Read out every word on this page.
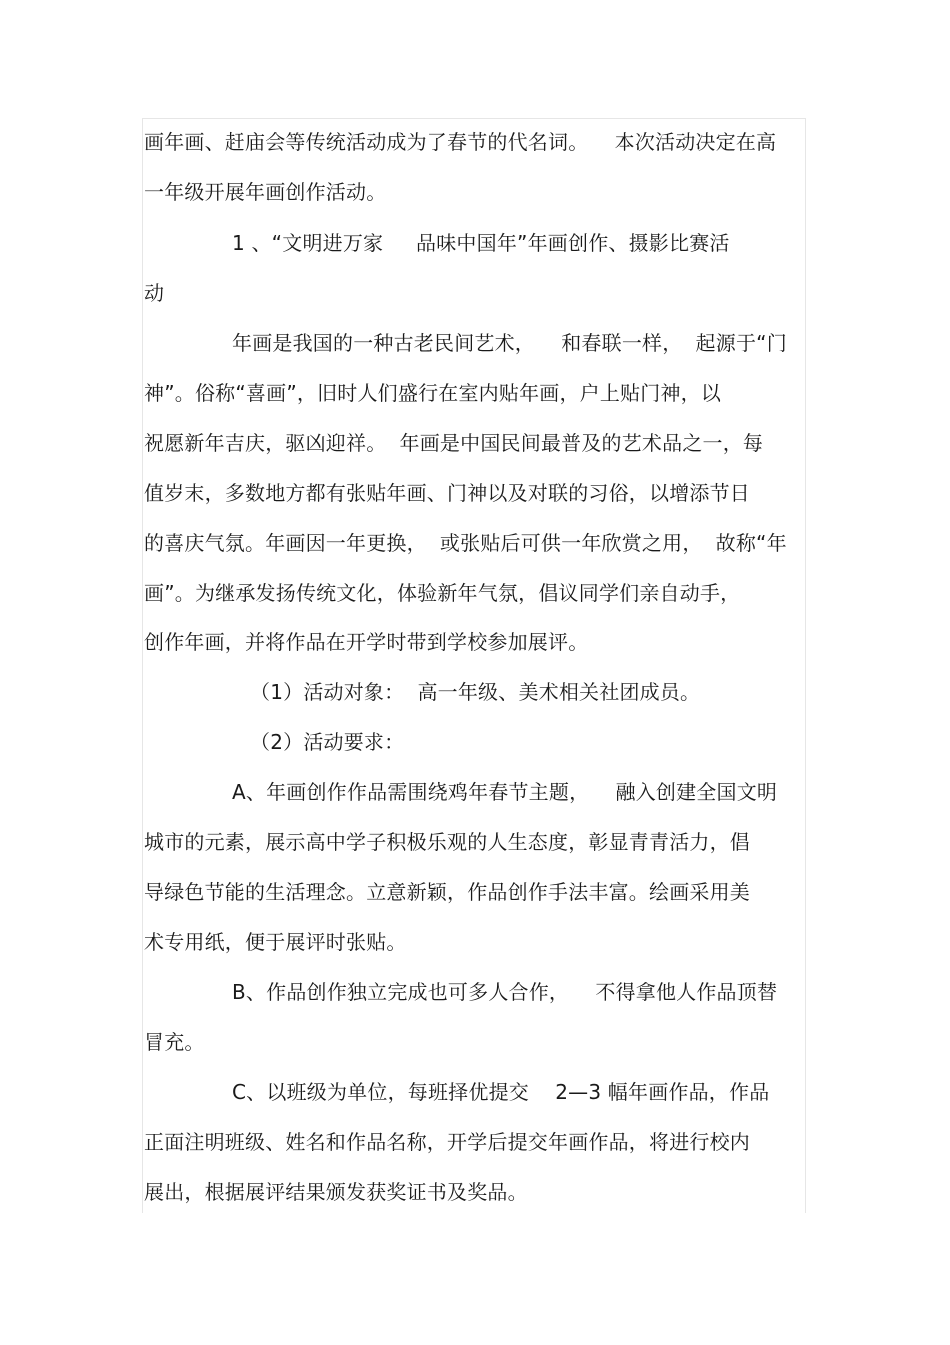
画年画、赶庙会等传统活动成为了春节的代名词。    本次活动决定在高
一年级开展年画创作活动。
1 、“文明进万家     品味中国年”年画创作、摄影比赛活
动
年画是我国的一种古老民间艺术，    和春联一样，  起源于“门
神”。俗称“喜画”，旧时人们盛行在室内贴年画，户上贴门神，以
祝愿新年吉庆，驱凶迎祥。  年画是中国民间最普及的艺术品之一，每
值岁末，多数地方都有张贴年画、门神以及对联的习俗，以增添节日
的喜庆气氛。年画因一年更换，  或张贴后可供一年欣赏之用，  故称“年
画”。为继承发扬传统文化，体验新年气氛，倡议同学们亲自动手，
创作年画，并将作品在开学时带到学校参加展评。
（1）活动对象：  高一年级、美术相关社团成员。
（2）活动要求：
A、年画创作作品需围绕鸡年春节主题，    融入创建全国文明
城市的元素，展示高中学子积极乐观的人生态度，彰显青青活力，倡
导绿色节能的生活理念。立意新颖，作品创作手法丰富。绘画采用美
术专用纸，便于展评时张贴。
B、作品创作独立完成也可多人合作，    不得拿他人作品顶替
冒充。
C、以班级为单位，每班择优提交    2—3 幅年画作品，作品
正面注明班级、姓名和作品名称，开学后提交年画作品，将进行校内
展出，根据展评结果颁发获奖证书及奖品。
